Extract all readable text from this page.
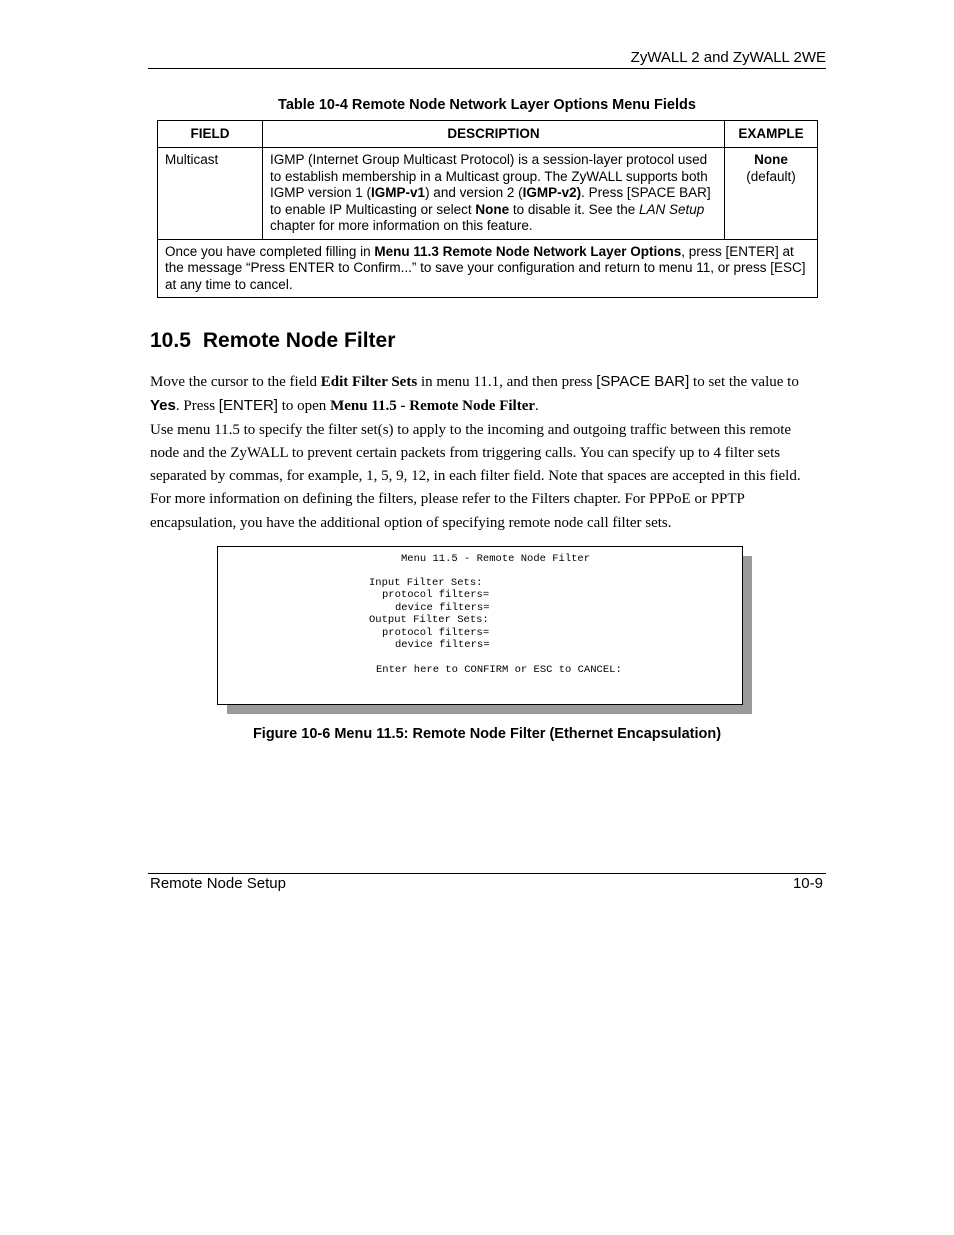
ZyWALL 2 and ZyWALL 2WE
Table 10-4 Remote Node Network Layer Options Menu Fields
FIELD	DESCRIPTION	EXAMPLE
Multicast	IGMP (Internet Group Multicast Protocol) is a session-layer protocol used to establish membership in a Multicast group. The ZyWALL supports both IGMP version 1 (IGMP-v1) and version 2 (IGMP-v2). Press [SPACE BAR] to enable IP Multicasting or select None to disable it. See the LAN Setup chapter for more information on this feature.	None
(default)
Once you have completed filling in Menu 11.3 Remote Node Network Layer Options, press [ENTER] at the message “Press ENTER to Confirm...” to save your configuration and return to menu 11, or press [ESC] at any time to cancel.		
10.5 Remote Node Filter

Move the cursor to the field Edit Filter Sets in menu 11.1, and then press [SPACE BAR] to set the value to Yes. Press [ENTER] to open Menu 11.5 - Remote Node Filter.

Use menu 11.5 to specify the filter set(s) to apply to the incoming and outgoing traffic between this remote node and the ZyWALL to prevent certain packets from triggering calls. You can specify up to 4 filter sets separated by commas, for example, 1, 5, 9, 12, in each filter field. Note that spaces are accepted in this field. For more information on defining the filters, please refer to the Filters chapter. For PPPoE or PPTP encapsulation, you have the additional option of specifying remote node call filter sets.

Menu 11.5 - Remote Node Filter
Input Filter Sets:
protocol filters=
device filters=
Output Filter Sets:
protocol filters=
device filters=
Enter here to CONFIRM or ESC to CANCEL:
Figure 10-6 Menu 11.5: Remote Node Filter (Ethernet Encapsulation)
Remote Node Setup	10-9
